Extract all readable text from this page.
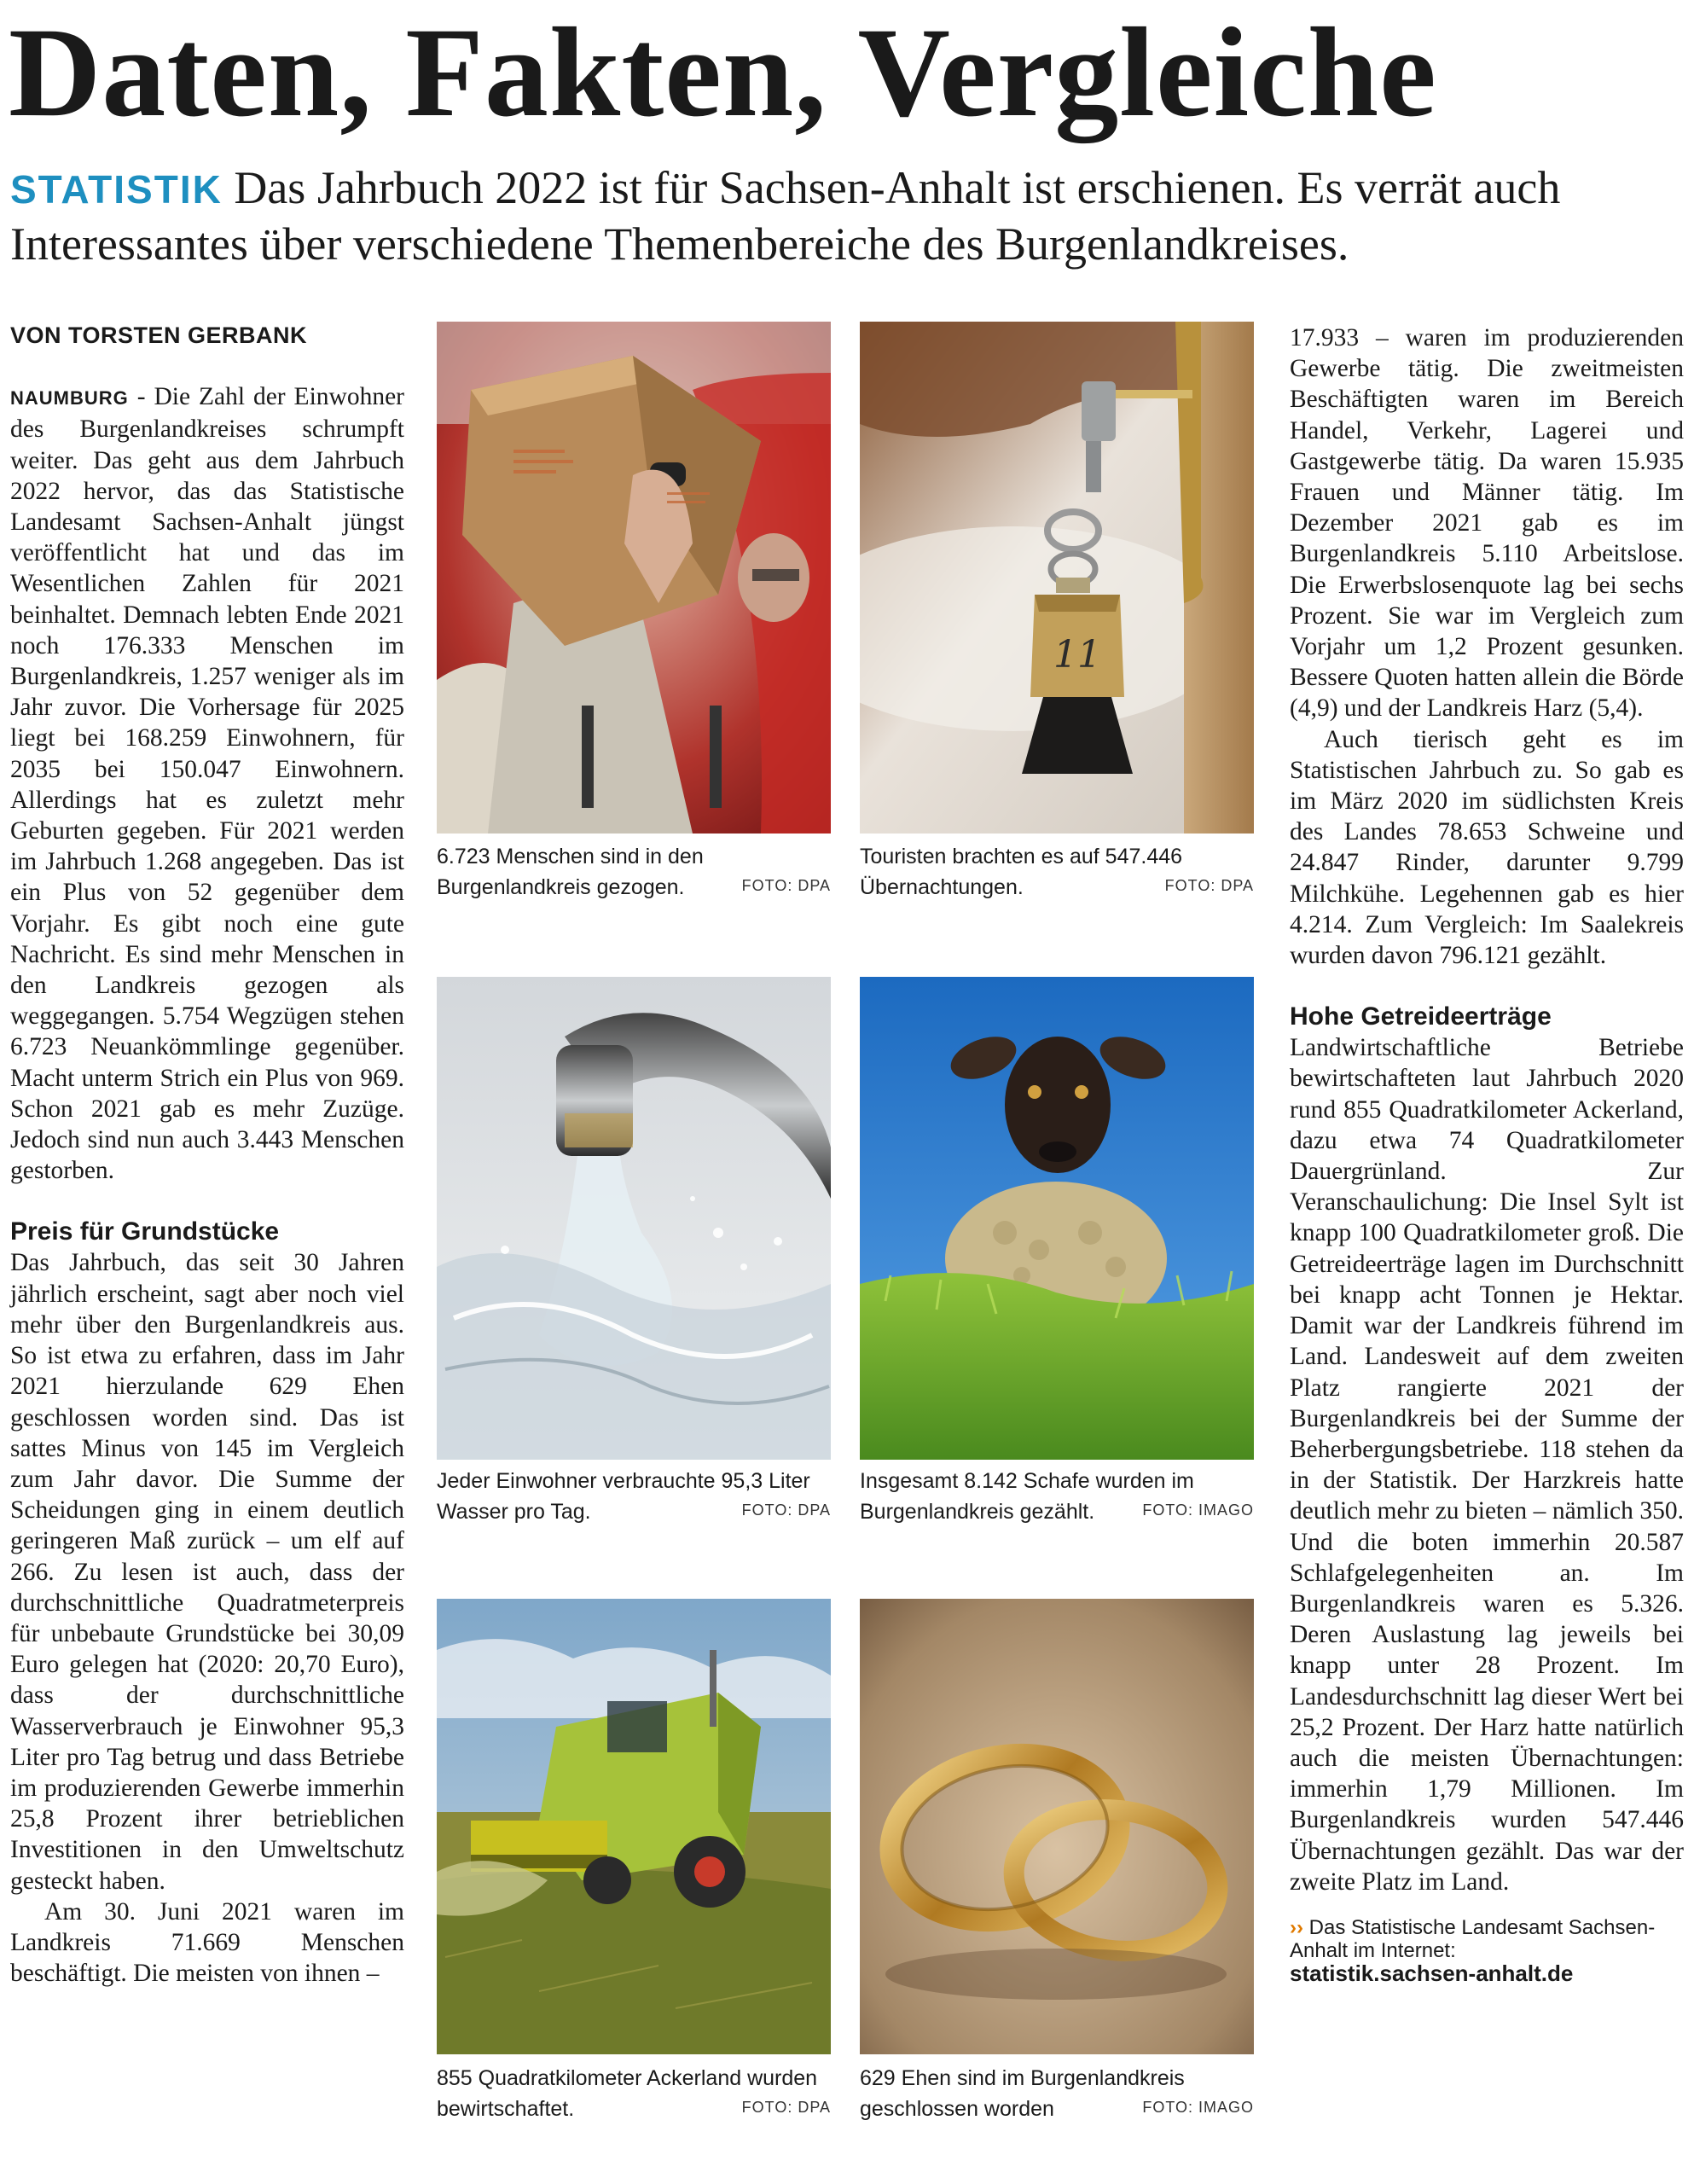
Daten, Fakten, Vergleiche

STATISTIK Das Jahrbuch 2022 ist für Sachsen-Anhalt ist erschienen. Es verrät auch Interessantes über verschiedene Themenbereiche des Burgenlandkreises.

VON TORSTEN GERBANK

NAUMBURG - Die Zahl der Einwohner des Burgenlandkreises schrumpft weiter. Das geht aus dem Jahrbuch 2022 hervor, das das Statistische Landesamt Sachsen-Anhalt jüngst veröffentlicht hat und das im Wesentlichen Zahlen für 2021 beinhaltet. Demnach lebten Ende 2021 noch 176.333 Menschen im Burgenlandkreis, 1.257 weniger als im Jahr zuvor. Die Vorhersage für 2025 liegt bei 168.259 Einwohnern, für 2035 bei 150.047 Einwohnern. Allerdings hat es zuletzt mehr Geburten gegeben. Für 2021 werden im Jahrbuch 1.268 angegeben. Das ist ein Plus von 52 gegenüber dem Vorjahr. Es gibt noch eine gute Nachricht. Es sind mehr Menschen in den Landkreis gezogen als weggegangen. 5.754 Wegzügen stehen 6.723 Neuankömmlinge gegenüber. Macht unterm Strich ein Plus von 969. Schon 2021 gab es mehr Zuzüge. Jedoch sind nun auch 3.443 Menschen gestorben.

Preis für Grundstücke

Das Jahrbuch, das seit 30 Jahren jährlich erscheint, sagt aber noch viel mehr über den Burgenlandkreis aus. So ist etwa zu erfahren, dass im Jahr 2021 hierzulande 629 Ehen geschlossen worden sind. Das ist sattes Minus von 145 im Vergleich zum Jahr davor. Die Summe der Scheidungen ging in einem deutlich geringeren Maß zurück – um elf auf 266. Zu lesen ist auch, dass der durchschnittliche Quadratmeterpreis für unbebaute Grundstücke bei 30,09 Euro gelegen hat (2020: 20,70 Euro), dass der durchschnittliche Wasserverbrauch je Einwohner 95,3 Liter pro Tag betrug und dass Betriebe im produzierenden Gewerbe immerhin 25,8 Prozent ihrer betrieblichen Investitionen in den Umweltschutz gesteckt haben.

Am 30. Juni 2021 waren im Landkreis 71.669 Menschen beschäftigt. Die meisten von ihnen –

6.723 Menschen sind in den Burgenlandkreis gezogen.	FOTO: DPA
11
Touristen brachten es auf 547.446 Übernachtungen.	FOTO: DPA
Jeder Einwohner verbrauchte 95,3 Liter Wasser pro Tag.	FOTO: DPA
Insgesamt 8.142 Schafe wurden im Burgenlandkreis gezählt.	FOTO: IMAGO
855 Quadratkilometer Ackerland wurden bewirtschaftet.	FOTO: DPA
629 Ehen sind im Burgenlandkreis geschlossen worden	FOTO: IMAGO

17.933 – waren im produzierenden Gewerbe tätig. Die zweitmeisten Beschäftigten waren im Bereich Handel, Verkehr, Lagerei und Gastgewerbe tätig. Da waren 15.935 Frauen und Männer tätig. Im Dezember 2021 gab es im Burgenlandkreis 5.110 Arbeitslose. Die Erwerbslosenquote lag bei sechs Prozent. Sie war im Vergleich zum Vorjahr um 1,2 Prozent gesunken. Bessere Quoten hatten allein die Börde (4,9) und der Landkreis Harz (5,4).

Auch tierisch geht es im Statistischen Jahrbuch zu. So gab es im März 2020 im südlichsten Kreis des Landes 78.653 Schweine und 24.847 Rinder, darunter 9.799 Milchkühe. Legehennen gab es hier 4.214. Zum Vergleich: Im Saalekreis wurden davon 796.121 gezählt.

Hohe Getreideerträge

Landwirtschaftliche Betriebe bewirtschafteten laut Jahrbuch 2020 rund 855 Quadratkilometer Ackerland, dazu etwa 74 Quadratkilometer Dauergrünland. Zur Veranschaulichung: Die Insel Sylt ist knapp 100 Quadratkilometer groß. Die Getreideerträge lagen im Durchschnitt bei knapp acht Tonnen je Hektar. Damit war der Landkreis führend im Land. Landesweit auf dem zweiten Platz rangierte 2021 der Burgenlandkreis bei der Summe der Beherbergungsbetriebe. 118 stehen da in der Statistik. Der Harzkreis hatte deutlich mehr zu bieten – nämlich 350. Und die boten immerhin 20.587 Schlafgelegenheiten an. Im Burgenlandkreis waren es 5.326. Deren Auslastung lag jeweils bei knapp unter 28 Prozent. Im Landesdurchschnitt lag dieser Wert bei 25,2 Prozent. Der Harz hatte natürlich auch die meisten Übernachtungen: immerhin 1,79 Millionen. Im Burgenlandkreis wurden 547.446 Übernachtungen gezählt. Das war der zweite Platz im Land.

›› Das Statistische Landesamt Sachsen-Anhalt im Internet:
statistik.sachsen-anhalt.de
